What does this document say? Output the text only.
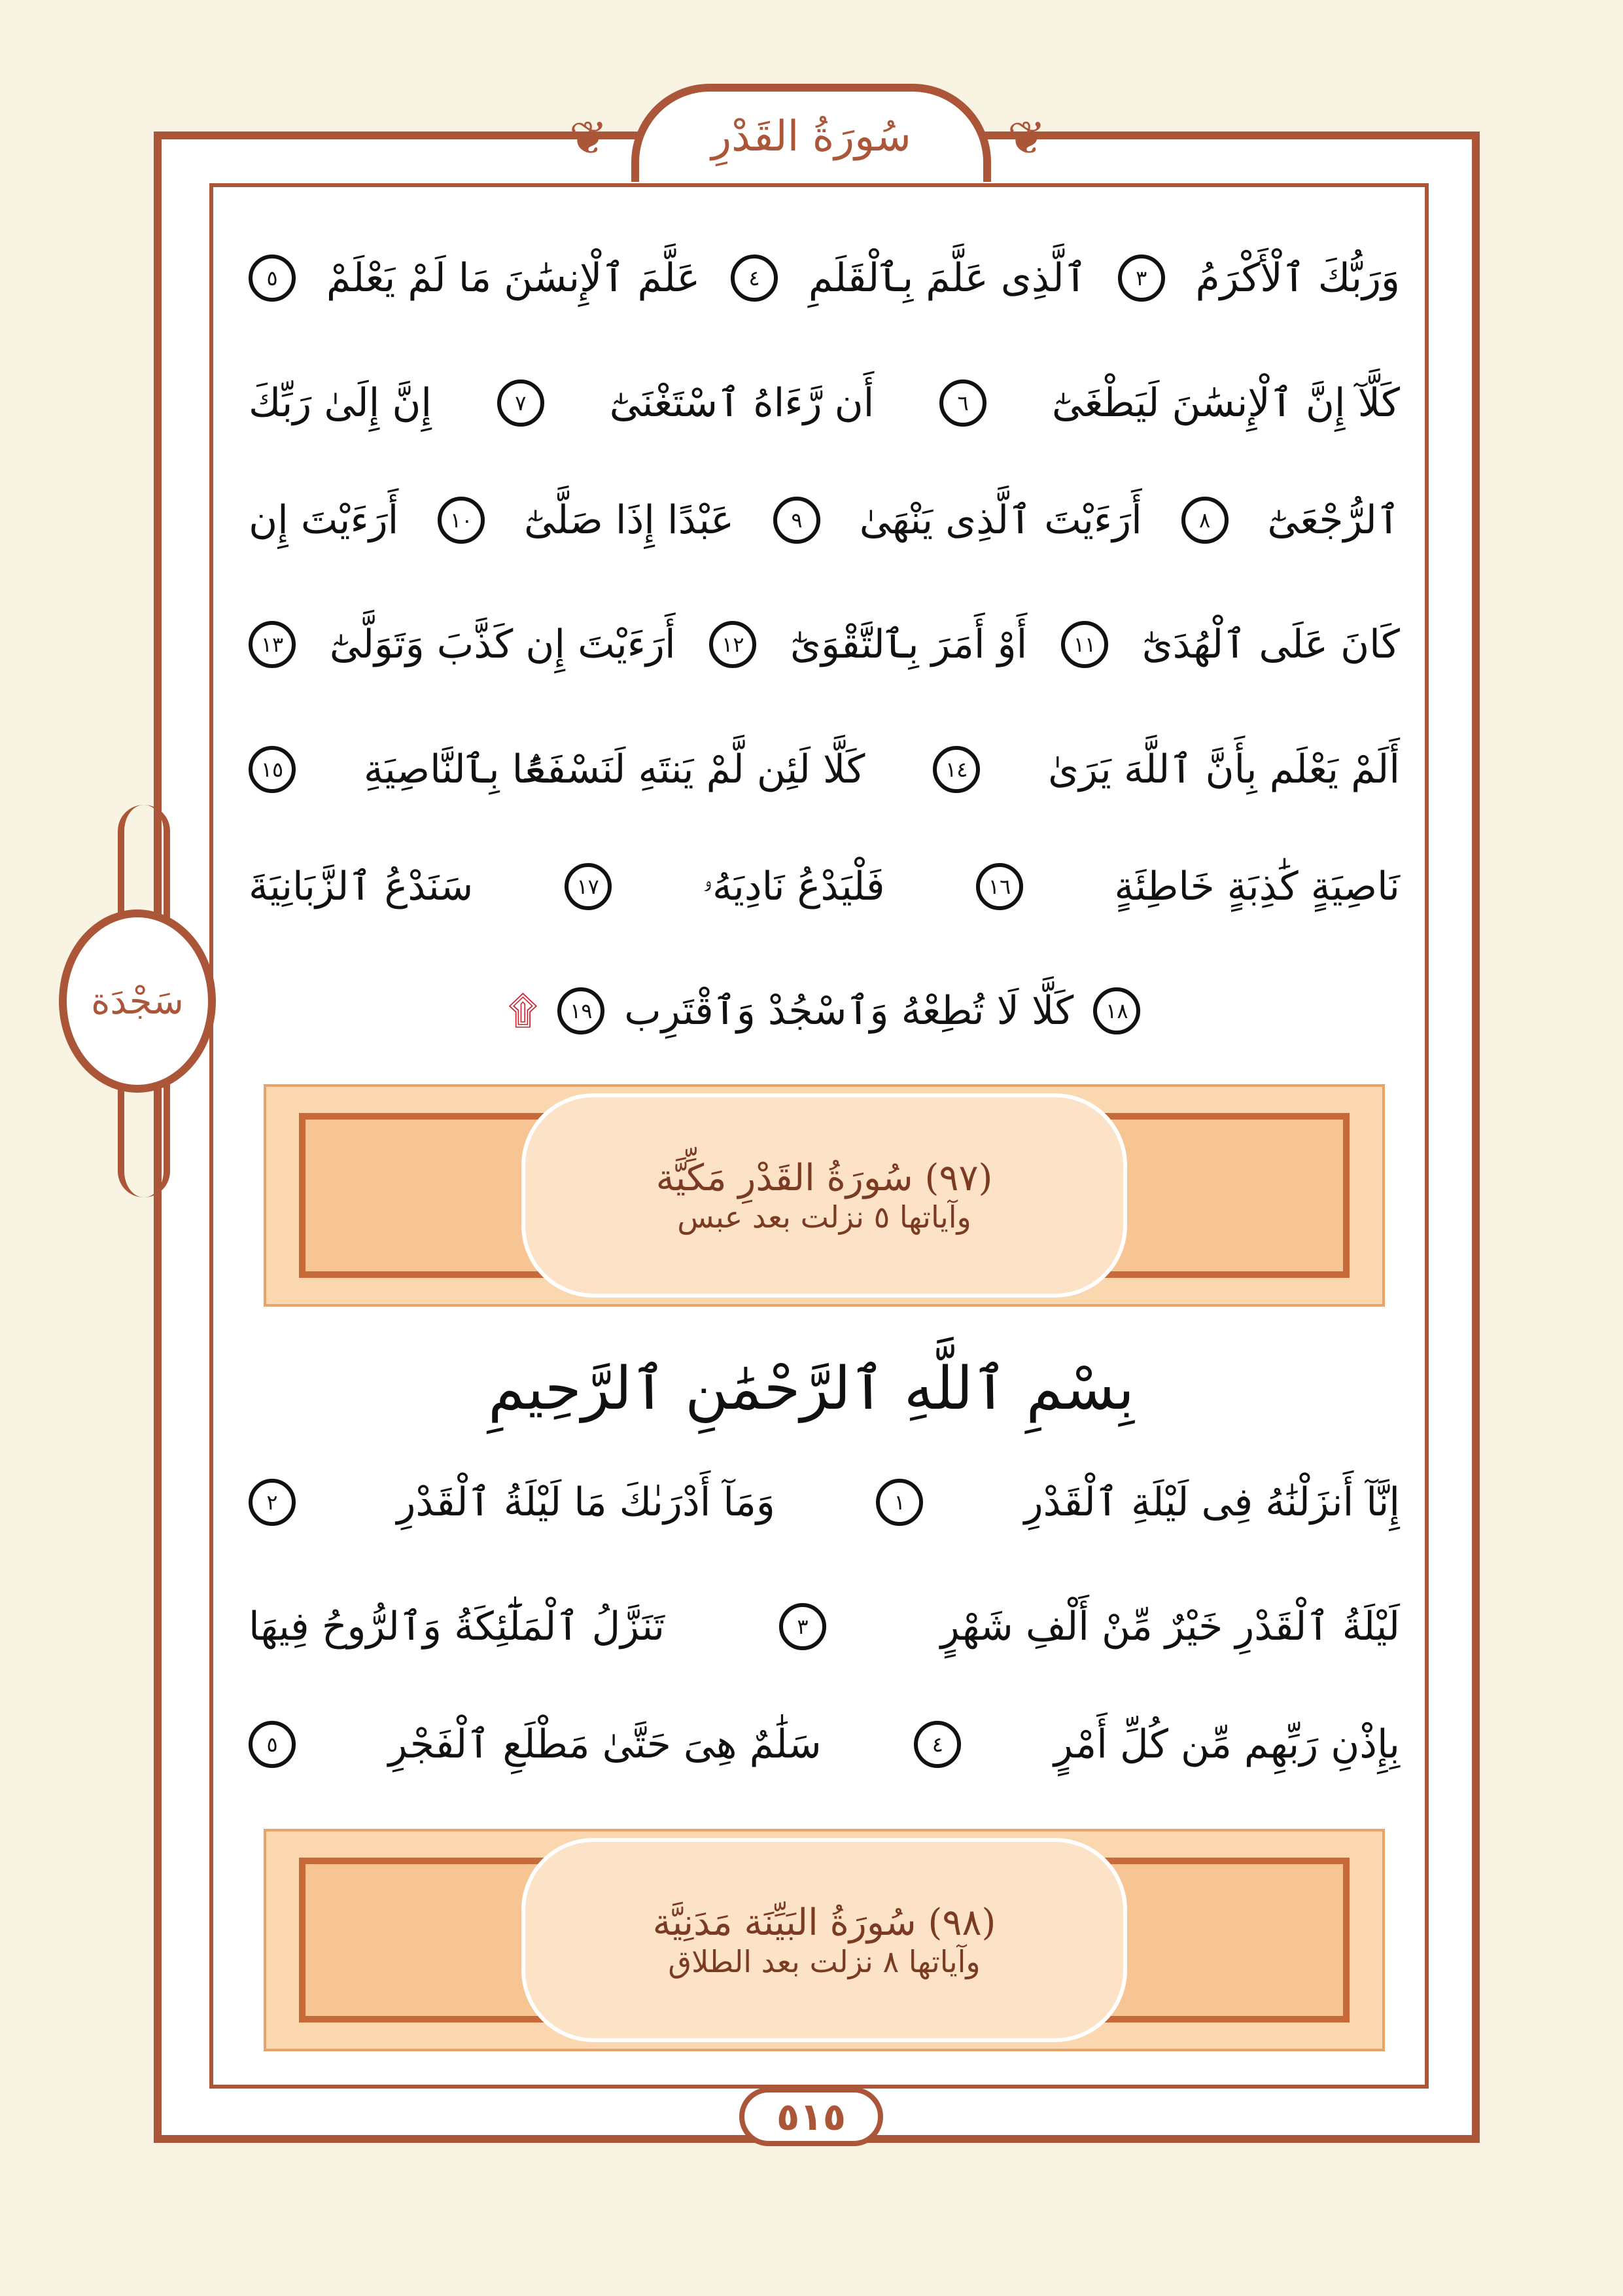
سَجْدَة
سُورَةُ القَدْرِ
❦	❦
وَرَبُّكَ ٱلْأَكْرَمُ
٣
ٱلَّذِى عَلَّمَ بِٱلْقَلَمِ
٤
عَلَّمَ ٱلْإِنسَٰنَ مَا لَمْ يَعْلَمْ
٥
كَلَّآ إِنَّ ٱلْإِنسَٰنَ لَيَطْغَىٰٓ
٦
أَن رَّءَاهُ ٱسْتَغْنَىٰٓ
٧
إِنَّ إِلَىٰ رَبِّكَ
ٱلرُّجْعَىٰٓ
٨
أَرَءَيْتَ ٱلَّذِى يَنْهَىٰ
٩
عَبْدًا إِذَا صَلَّىٰٓ
١٠
أَرَءَيْتَ إِن
كَانَ عَلَى ٱلْهُدَىٰٓ
١١
أَوْ أَمَرَ بِٱلتَّقْوَىٰٓ
١٢
أَرَءَيْتَ إِن كَذَّبَ وَتَوَلَّىٰٓ
١٣
أَلَمْ يَعْلَم بِأَنَّ ٱللَّهَ يَرَىٰ
١٤
كَلَّا لَئِن لَّمْ يَنتَهِ لَنَسْفَعًۢا بِٱلنَّاصِيَةِ
١٥
نَاصِيَةٍ كَٰذِبَةٍ خَاطِئَةٍ
١٦
فَلْيَدْعُ نَادِيَهُۥ
١٧
سَنَدْعُ ٱلزَّبَانِيَةَ
١٨
كَلَّا لَا تُطِعْهُ وَٱسْجُدْ وَٱقْتَرِب
١٩
۩
(٩٧) سُورَةُ القَدْرِ مَكِّيَّة
وآياتها ٥ نزلت بعد عبس
بِسْمِ ٱللَّهِ ٱلرَّحْمَٰنِ ٱلرَّحِيمِ
إِنَّآ أَنزَلْنَٰهُ فِى لَيْلَةِ ٱلْقَدْرِ
١
وَمَآ أَدْرَىٰكَ مَا لَيْلَةُ ٱلْقَدْرِ
٢
لَيْلَةُ ٱلْقَدْرِ خَيْرٌ مِّنْ أَلْفِ شَهْرٍ
٣
تَنَزَّلُ ٱلْمَلَٰٓئِكَةُ وَٱلرُّوحُ فِيهَا
بِإِذْنِ رَبِّهِم مِّن كُلِّ أَمْرٍ
٤
سَلَٰمٌ هِىَ حَتَّىٰ مَطْلَعِ ٱلْفَجْرِ
٥
(٩٨) سُورَةُ البَيِّنَة مَدَنِيَّة
وآياتها ٨ نزلت بعد الطلاق
٥١٥
